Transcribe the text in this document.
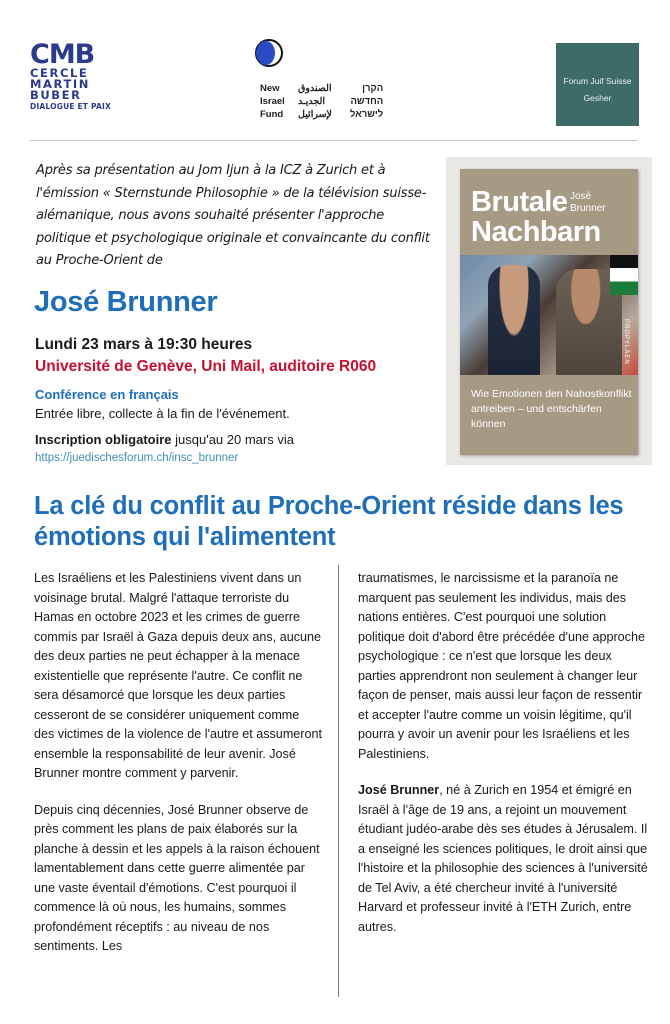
CMB
CERCLE
MARTIN
BUBER
DIALOGUE ET PAIX
New
Israel
Fund
الصندوق
الجديـد
لإسرائيل
הקרן
החדשה
לישראל
Forum Juif Suisse
Gesher
Après sa présentation au Jom Ijun à la ICZ à Zurich et à l'émission « Sternstunde Philosophie » de la télévision suisse-alémanique, nous avons souhaité présenter l'approche politique et psychologique originale et convaincante du conflit au Proche-Orient de
Brutale
Nachbarn
José
Brunner
PROPYLÄEN
Wie Emotionen den Nahostkonflikt antreiben – und entschärfen können
José Brunner
Lundi 23 mars à 19:30 heures
Université de Genève, Uni Mail, auditoire R060
Conférence en français
Entrée libre, collecte à la fin de l'événement.
Inscription obligatoire jusqu'au 20 mars via
https://juedischesforum.ch/insc_brunner
La clé du conflit au Proche-Orient réside dans les émotions qui l'alimentent

Les Israéliens et les Palestiniens vivent dans un voisinage brutal. Malgré l'attaque terroriste du Hamas en octobre 2023 et les crimes de guerre commis par Israël à Gaza depuis deux ans, aucune des deux parties ne peut échapper à la menace existentielle que représente l'autre. Ce conflit ne sera désamorcé que lorsque les deux parties cesseront de se considérer uniquement comme des victimes de la violence de l'autre et assumeront ensemble la responsabilité de leur avenir. José Brunner montre comment y parvenir.

Depuis cinq décennies, José Brunner observe de près comment les plans de paix élaborés sur la planche à dessin et les appels à la raison échouent lamentablement dans cette guerre alimentée par une vaste éventail d'émotions. C'est pourquoi il commence là où nous, les humains, sommes profondément réceptifs : au niveau de nos sentiments. Les

traumatismes, le narcissisme et la paranoïa ne marquent pas seulement les individus, mais des nations entières. C'est pourquoi une solution politique doit d'abord être précédée d'une approche psychologique : ce n'est que lorsque les deux parties apprendront non seulement à changer leur façon de penser, mais aussi leur façon de ressentir et accepter l'autre comme un voisin légitime, qu'il pourra y avoir un avenir pour les Israéliens et les Palestiniens.

José Brunner, né à Zurich en 1954 et émigré en Israël à l'âge de 19 ans, a rejoint un mouvement étudiant judéo-arabe dès ses études à Jérusalem. Il a enseigné les sciences politiques, le droit ainsi que l'histoire et la philosophie des sciences à l'université de Tel Aviv, a été chercheur invité à l'université Harvard et professeur invité à l'ETH Zurich, entre autres.
